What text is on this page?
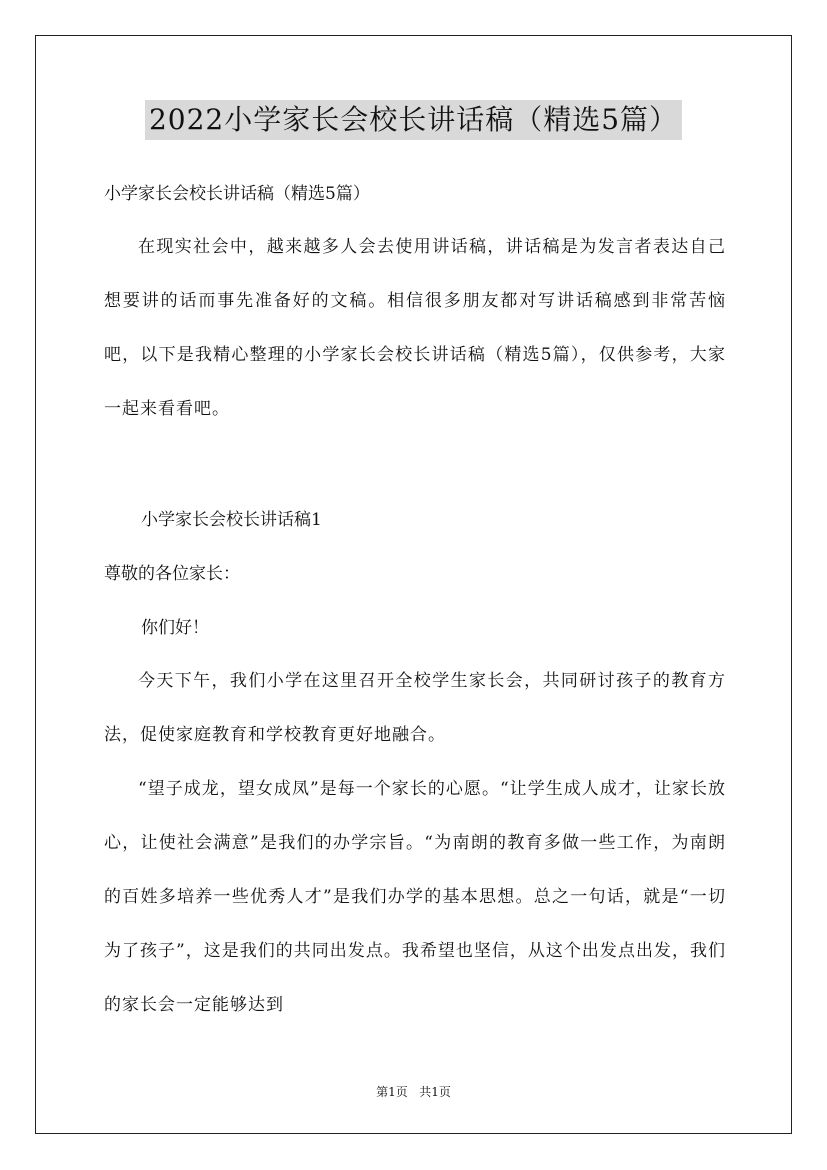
2022小学家长会校长讲话稿（精选5篇）
小学家长会校长讲话稿（精选5篇）
在现实社会中，越来越多人会去使用讲话稿，讲话稿是为发言者表达自己想要讲的话而事先准备好的文稿。相信很多朋友都对写讲话稿感到非常苦恼吧，以下是我精心整理的小学家长会校长讲话稿（精选5篇），仅供参考，大家一起来看看吧。
小学家长会校长讲话稿1
尊敬的各位家长：
你们好！
今天下午，我们小学在这里召开全校学生家长会，共同研讨孩子的教育方法，促使家庭教育和学校教育更好地融合。
“望子成龙，望女成凤”是每一个家长的心愿。“让学生成人成才，让家长放心，让使社会满意”是我们的办学宗旨。“为南朗的教育多做一些工作，为南朗的百姓多培养一些优秀人才”是我们办学的基本思想。总之一句话，就是“一切为了孩子”，这是我们的共同出发点。我希望也坚信，从这个出发点出发，我们的家长会一定能够达到
第1页 共1页
